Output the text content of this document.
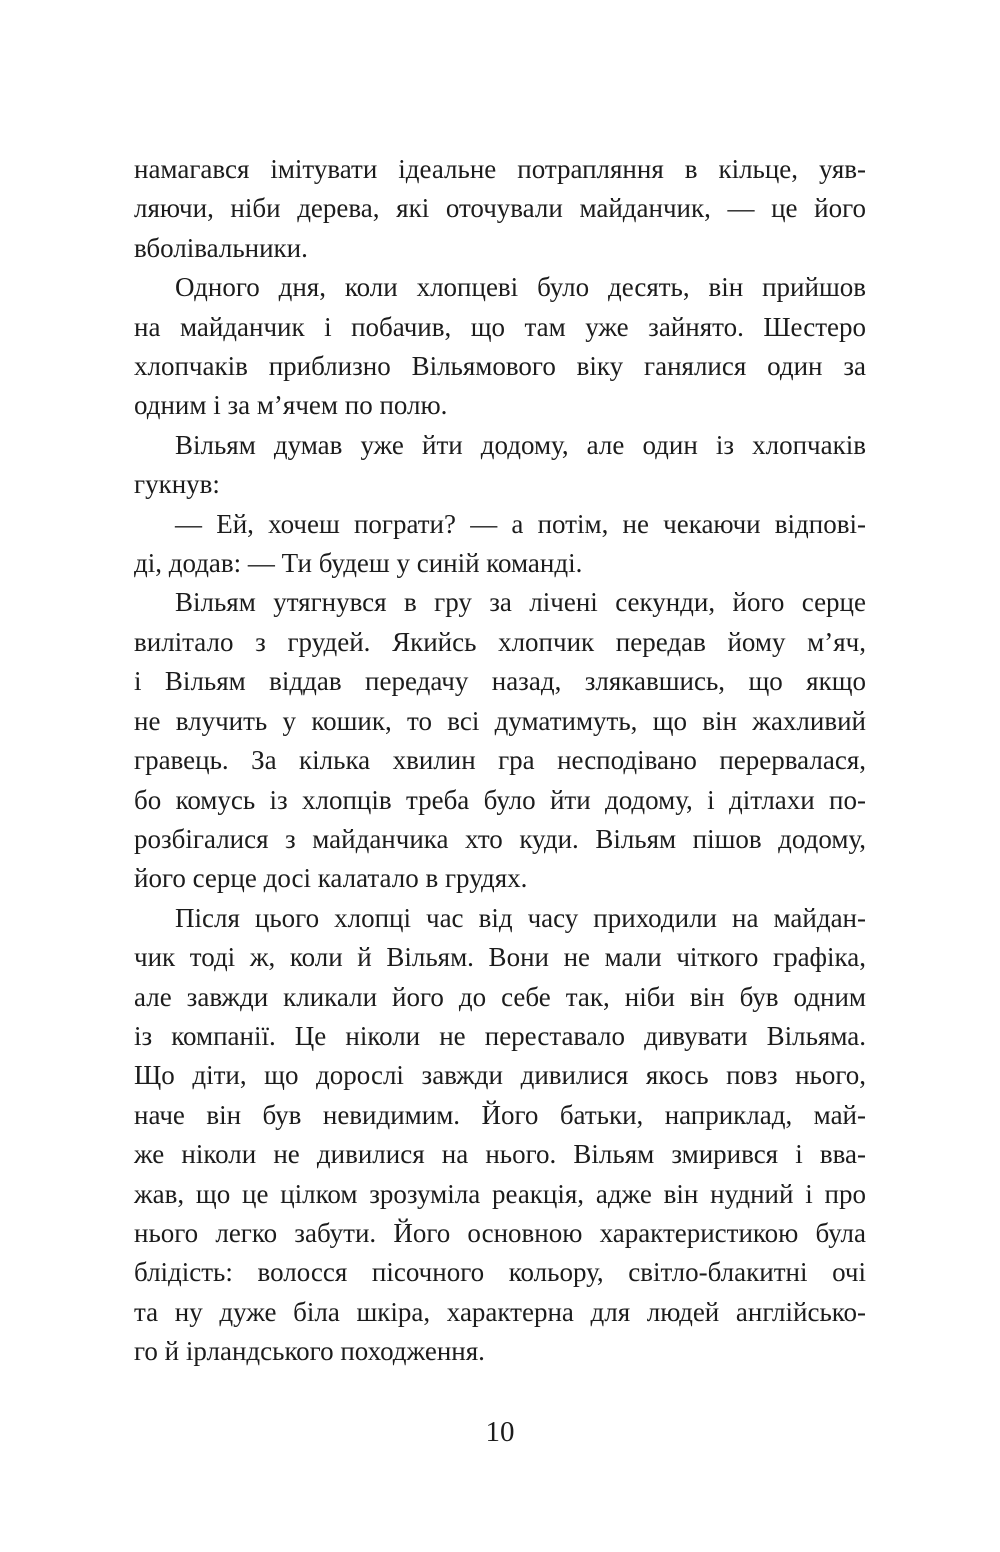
намагався імітувати ідеальне потрапляння в кільце, уяв-
ляючи, ніби дерева, які оточували майданчик, — це його
вболівальники.
Одного дня, коли хлопцеві було десять, він прийшов
на майданчик і побачив, що там уже зайнято. Шестеро
хлопчаків приблизно Вільямового віку ганялися один за
одним і за м’ячем по полю.
Вільям думав уже йти додому, але один із хлопчаків
гукнув:
— Ей, хочеш пограти? — а потім, не чекаючи відпові-
ді, додав: — Ти будеш у синій команді.
Вільям утягнувся в гру за лічені секунди, його серце
вилітало з грудей. Якийсь хлопчик передав йому м’яч,
і Вільям віддав передачу назад, злякавшись, що якщо
не влучить у кошик, то всі думатимуть, що він жахливий
гравець. За кілька хвилин гра несподівано перервалася,
бо комусь із хлопців треба було йти додому, і дітлахи по-
розбігалися з майданчика хто куди. Вільям пішов додому,
його серце досі калатало в грудях.
Після цього хлопці час від часу приходили на майдан-
чик тоді ж, коли й Вільям. Вони не мали чіткого графіка,
але завжди кликали його до себе так, ніби він був одним
із компанії. Це ніколи не переставало дивувати Вільяма.
Що діти, що дорослі завжди дивилися якось повз нього,
наче він був невидимим. Його батьки, наприклад, май-
же ніколи не дивилися на нього. Вільям змирився і вва-
жав, що це цілком зрозуміла реакція, адже він нудний і про
нього легко забути. Його основною характеристикою була
блідість: волосся пісочного кольору, світло-блакитні очі
та ну дуже біла шкіра, характерна для людей англійсько-
го й ірландського походження.
10
